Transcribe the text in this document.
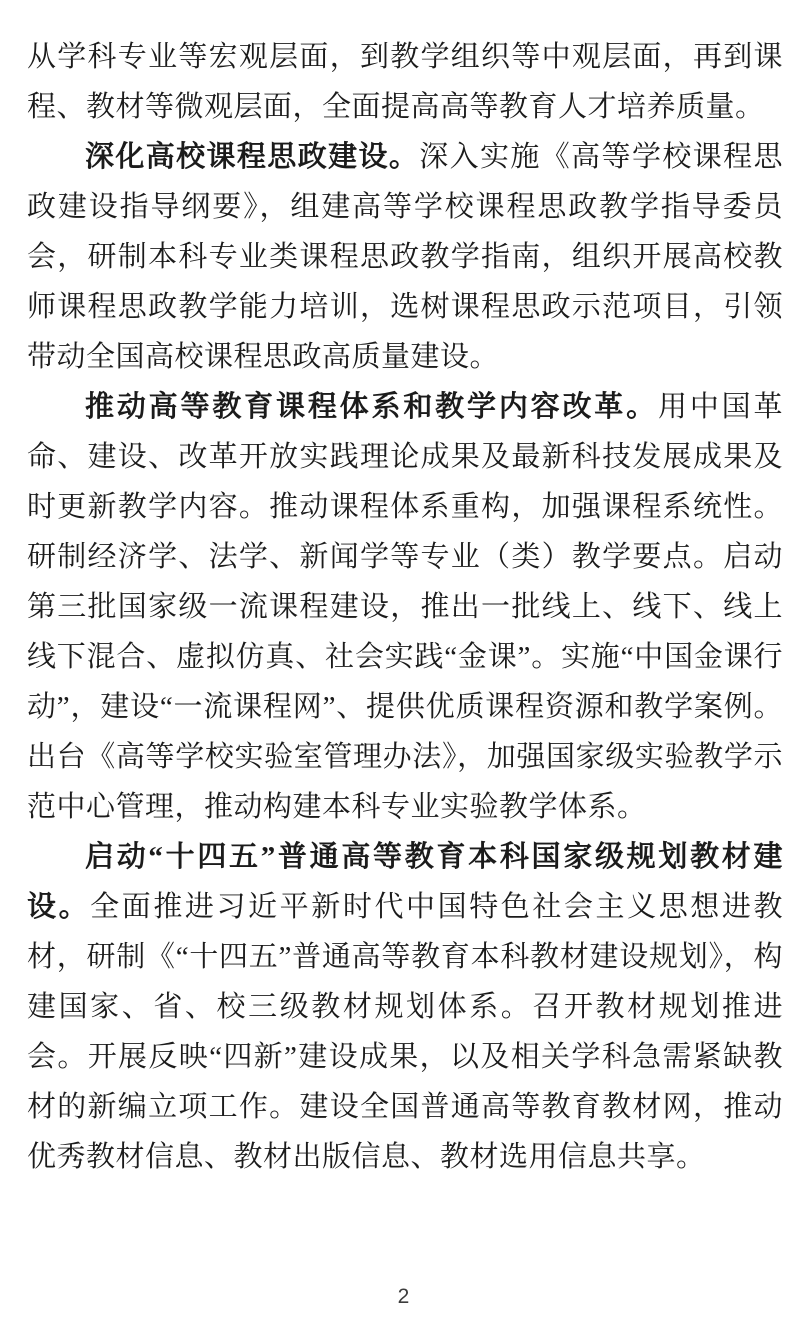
从学科专业等宏观层面，到教学组织等中观层面，再到课程、教材等微观层面，全面提高高等教育人才培养质量。

深化高校课程思政建设。深入实施《高等学校课程思政建设指导纲要》，组建高等学校课程思政教学指导委员会，研制本科专业类课程思政教学指南，组织开展高校教师课程思政教学能力培训，选树课程思政示范项目，引领带动全国高校课程思政高质量建设。

推动高等教育课程体系和教学内容改革。用中国革命、建设、改革开放实践理论成果及最新科技发展成果及时更新教学内容。推动课程体系重构，加强课程系统性。研制经济学、法学、新闻学等专业（类）教学要点。启动第三批国家级一流课程建设，推出一批线上、线下、线上线下混合、虚拟仿真、社会实践“金课”。实施“中国金课行动”，建设“一流课程网”、提供优质课程资源和教学案例。出台《高等学校实验室管理办法》，加强国家级实验教学示范中心管理，推动构建本科专业实验教学体系。

启动“十四五”普通高等教育本科国家级规划教材建设。全面推进习近平新时代中国特色社会主义思想进教材，研制《“十四五”普通高等教育本科教材建设规划》，构建国家、省、校三级教材规划体系。召开教材规划推进会。开展反映“四新”建设成果，以及相关学科急需紧缺教材的新编立项工作。建设全国普通高等教育教材网，推动优秀教材信息、教材出版信息、教材选用信息共享。

2
